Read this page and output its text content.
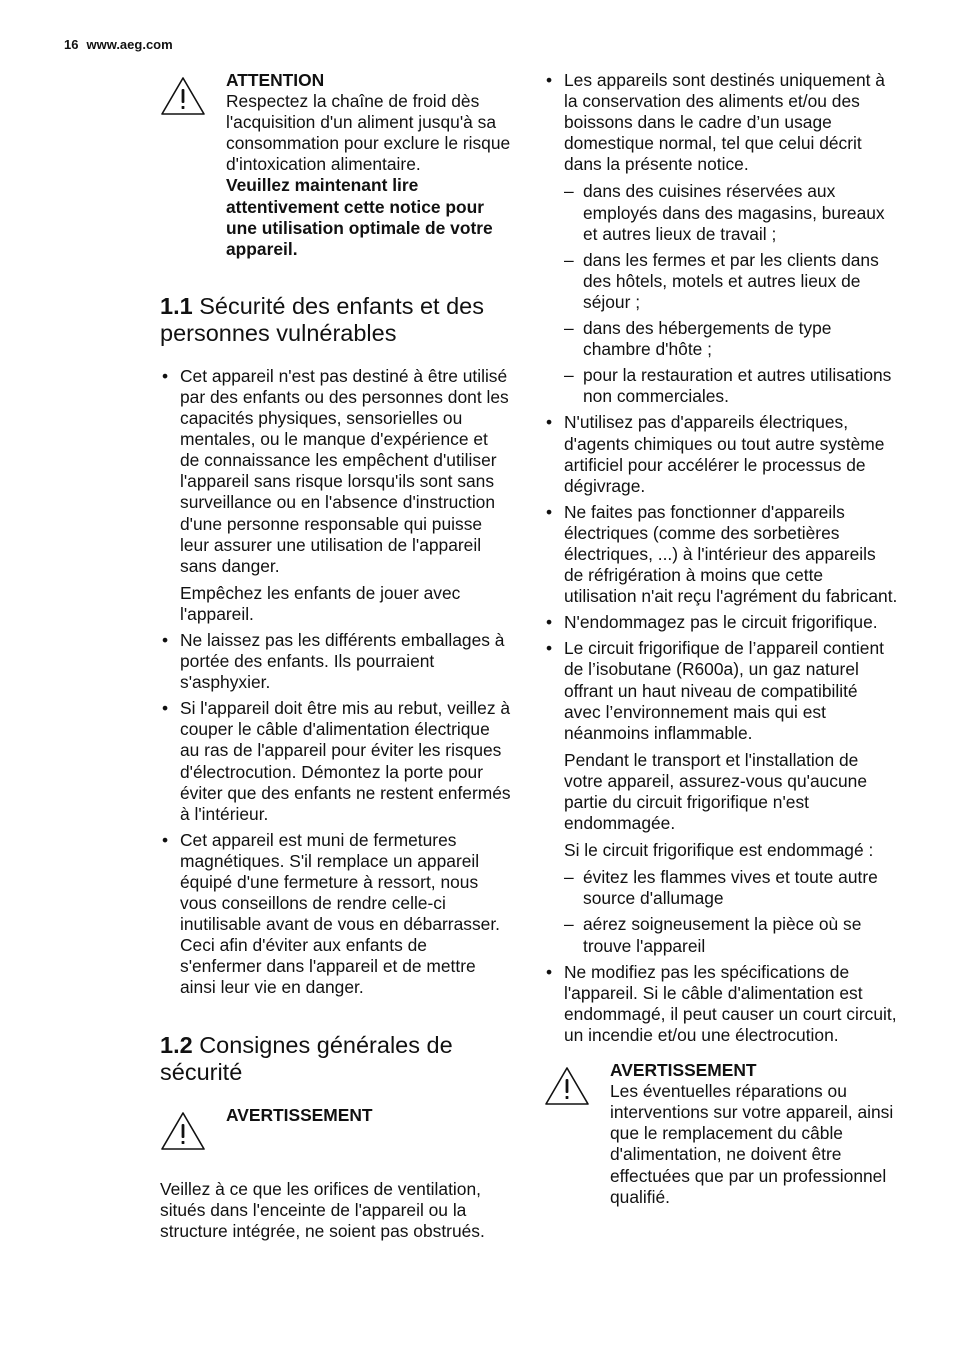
16 www.aeg.com
ATTENTION
Respectez la chaîne de froid dès l'acquisition d'un aliment jusqu'à sa consommation pour exclure le risque d'intoxication alimentaire.
Veuillez maintenant lire attentivement cette notice pour une utilisation optimale de votre appareil.
1.1 Sécurité des enfants et des personnes vulnérables
• Cet appareil n'est pas destiné à être utilisé par des enfants ou des personnes dont les capacités physiques, sensorielles ou mentales, ou le manque d'expérience et de connaissance les empêchent d'utiliser l'appareil sans risque lorsqu'ils sont sans surveillance ou en l'absence d'instruction d'une personne responsable qui puisse leur assurer une utilisation de l'appareil sans danger.

Empêchez les enfants de jouer avec l'appareil.

• Ne laissez pas les différents emballages à portée des enfants. Ils pourraient s'asphyxier.
• Si l'appareil doit être mis au rebut, veillez à couper le câble d'alimentation électrique au ras de l'appareil pour éviter les risques d'électrocution. Démontez la porte pour éviter que des enfants ne restent enfermés à l'intérieur.
• Cet appareil est muni de fermetures magnétiques. S'il remplace un appareil équipé d'une fermeture à ressort, nous vous conseillons de rendre celle-ci inutilisable avant de vous en débarrasser. Ceci afin d'éviter aux enfants de s'enfermer dans l'appareil et de mettre ainsi leur vie en danger.
1.2 Consignes générales de sécurité
AVERTISSEMENT

Veillez à ce que les orifices de ventilation, situés dans l'enceinte de l'appareil ou la structure intégrée, ne soient pas obstrués.

• Les appareils sont destinés uniquement à la conservation des aliments et/ou des boissons dans le cadre d’un usage domestique normal, tel que celui décrit dans la présente notice.
– dans des cuisines réservées aux employés dans des magasins, bureaux et autres lieux de travail ;
– dans les fermes et par les clients dans des hôtels, motels et autres lieux de séjour ;
– dans des hébergements de type chambre d'hôte ;
– pour la restauration et autres utilisations non commerciales.
• N'utilisez pas d'appareils électriques, d'agents chimiques ou tout autre système artificiel pour accélérer le processus de dégivrage.
• Ne faites pas fonctionner d'appareils électriques (comme des sorbetières électriques, ...) à l'intérieur des appareils de réfrigération à moins que cette utilisation n'ait reçu l'agrément du fabricant.
• N'endommagez pas le circuit frigorifique.
• Le circuit frigorifique de l’appareil contient de l’isobutane (R600a), un gaz naturel offrant un haut niveau de compatibilité avec l’environnement mais qui est néanmoins inflammable.

Pendant le transport et l'installation de votre appareil, assurez-vous qu'aucune partie du circuit frigorifique n'est endommagée.

Si le circuit frigorifique est endommagé :

– évitez les flammes vives et toute autre source d'allumage
– aérez soigneusement la pièce où se trouve l'appareil
• Ne modifiez pas les spécifications de l'appareil. Si le câble d'alimentation est endommagé, il peut causer un court circuit, un incendie et/ou une électrocution.
AVERTISSEMENT
Les éventuelles réparations ou interventions sur votre appareil, ainsi que le remplacement du câble d'alimentation, ne doivent être effectuées que par un professionnel qualifié.
